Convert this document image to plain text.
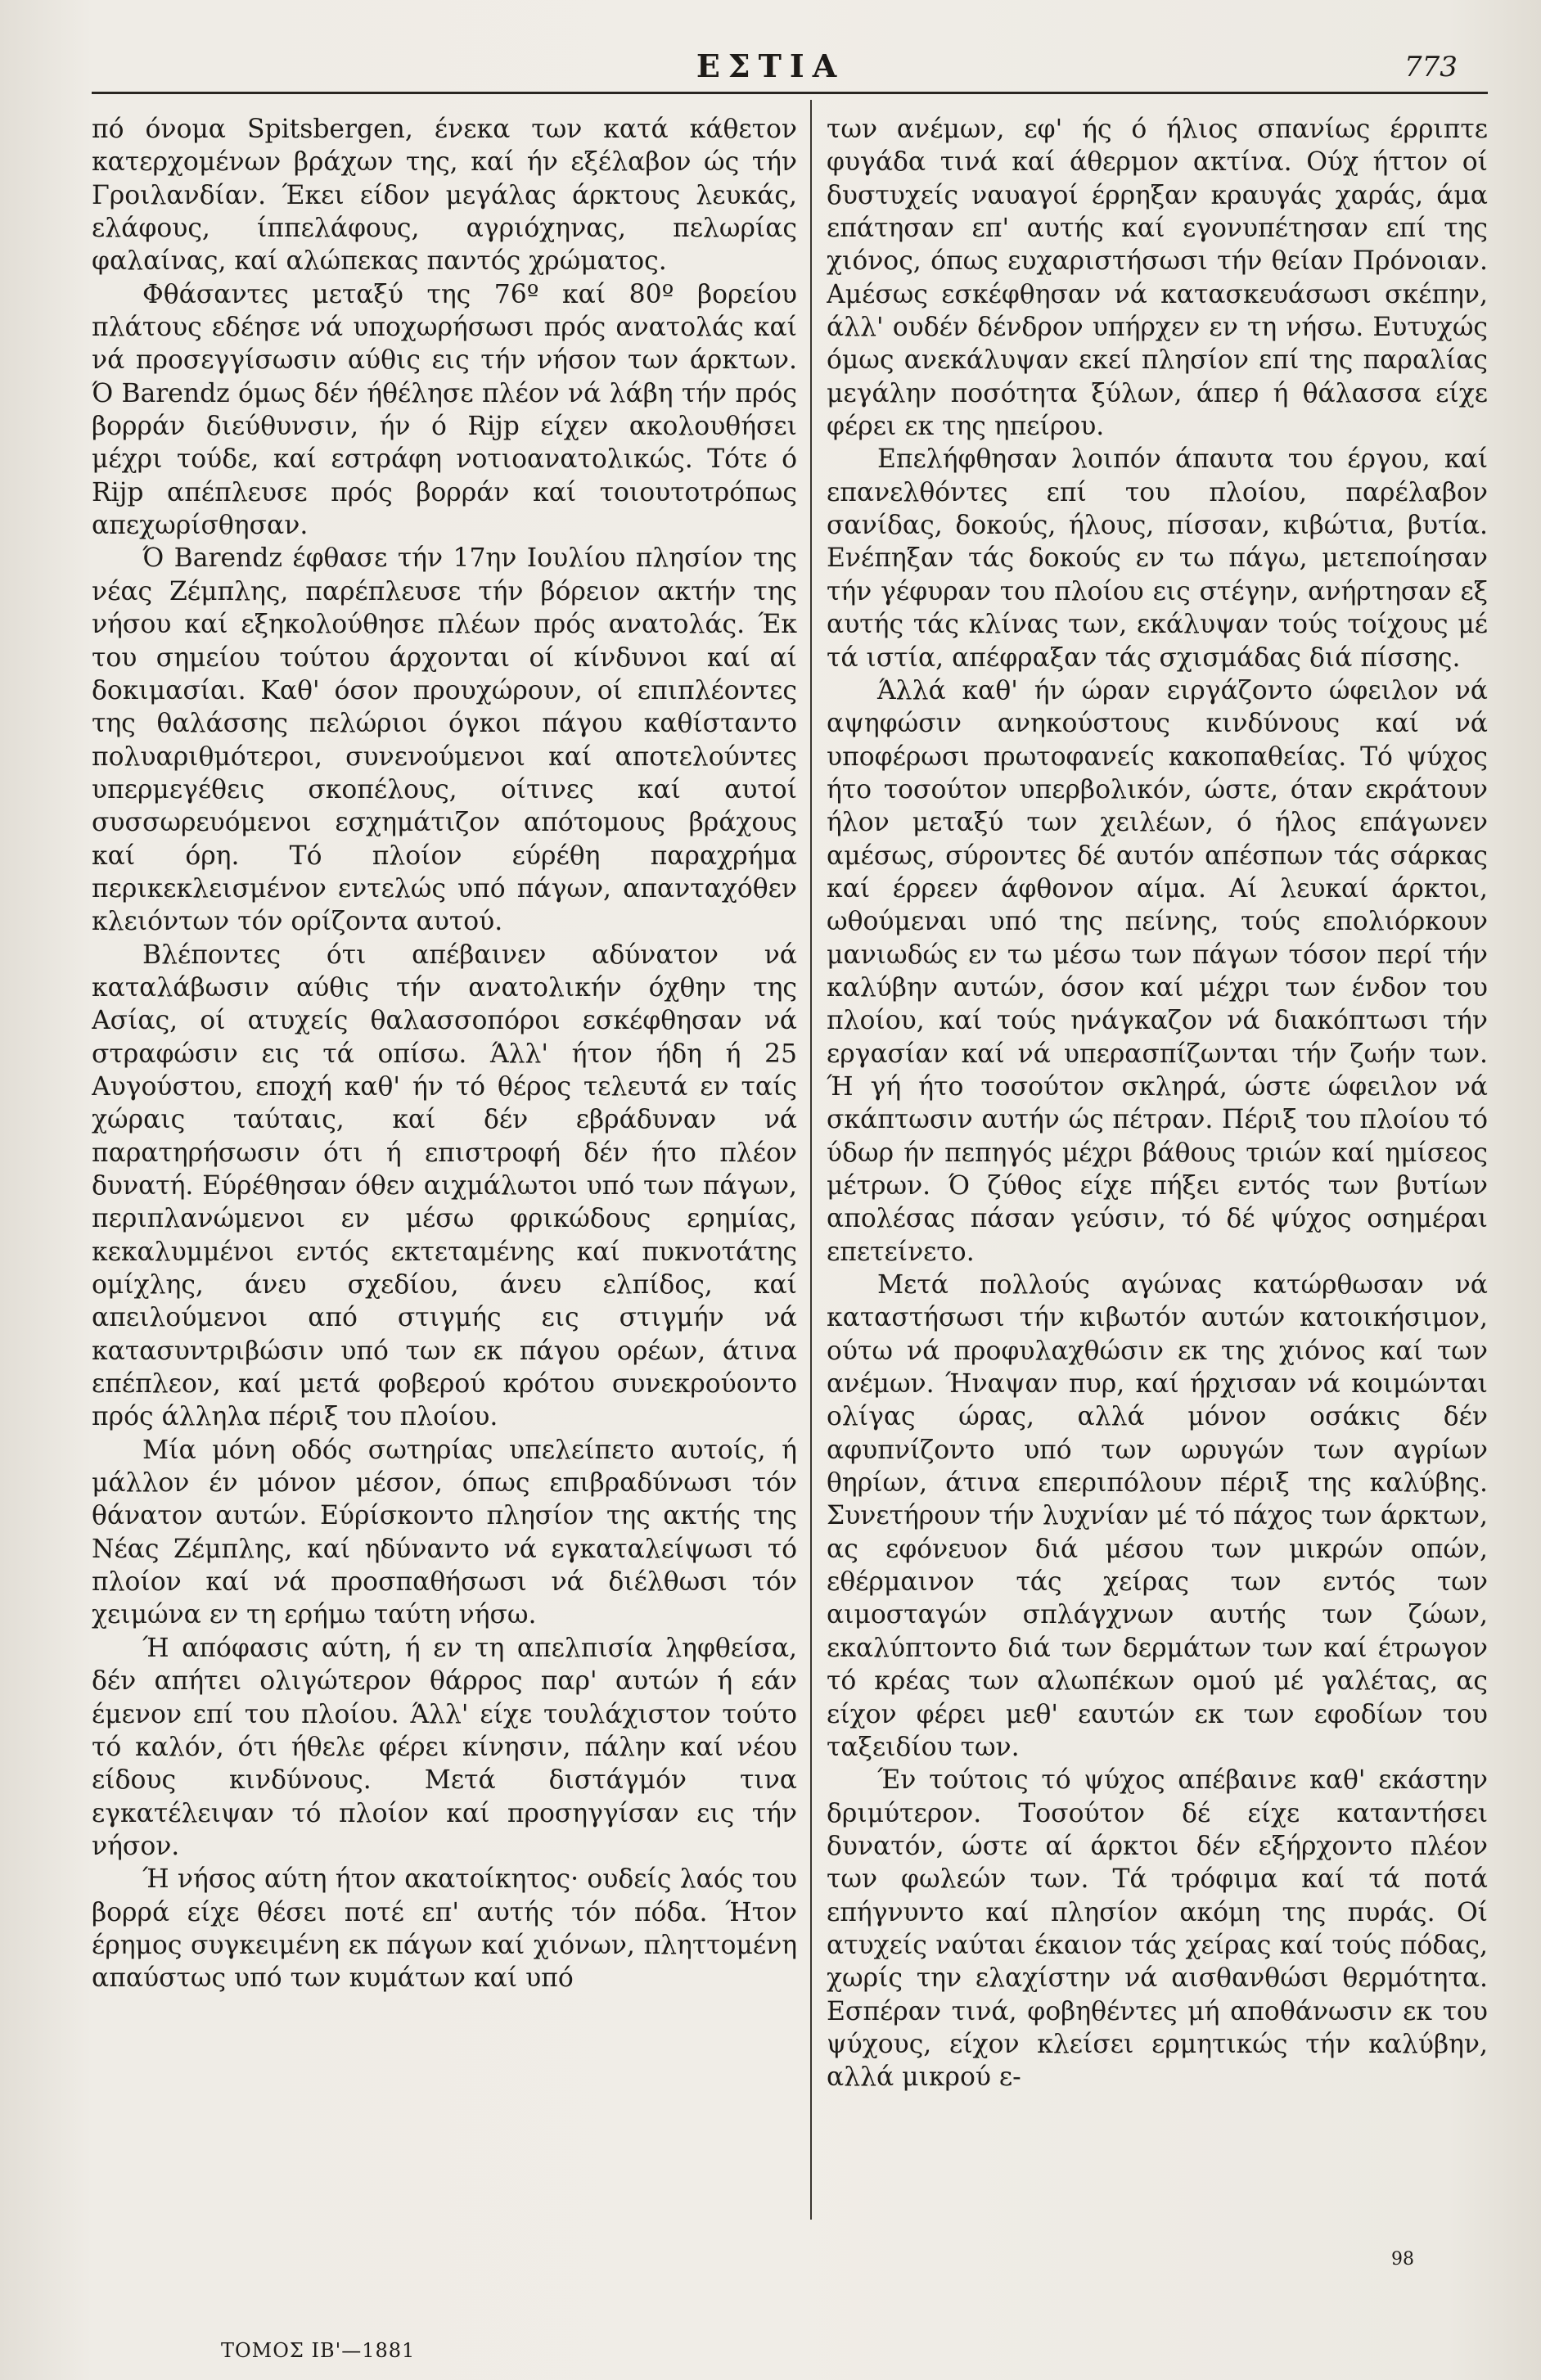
ΕΣΤΙΑ	773

πό όνομα Spitsbergen, ένεκα των κατά κάθετον κατερχομένων βράχων της, καί ήν εξέλαβον ώς τήν Γροιλανδίαν. Έκει είδον μεγάλας άρκτους λευκάς, ελάφους, ίππελάφους, αγριόχηνας, πελωρίας φαλαίνας, καί αλώπεκας παντός χρώματος.

Φθάσαντες μεταξύ της 76º καί 80º βορείου πλάτους εδέησε νά υποχωρήσωσι πρός ανατολάς καί νά προσεγγίσωσιν αύθις εις τήν νήσον των άρκτων. Ό Barendz όμως δέν ήθέλησε πλέον νά λάβη τήν πρός βορράν διεύθυνσιν, ήν ό Rijp είχεν ακολουθήσει μέχρι τούδε, καί εστράφη νοτιοανατολικώς. Τότε ό Rijp απέπλευσε πρός βορράν καί τοιουτοτρόπως απεχωρίσθησαν.

Ό Barendz έφθασε τήν 17ην Ιουλίου πλησίον της νέας Ζέμπλης, παρέπλευσε τήν βόρειον ακτήν της νήσου καί εξηκολούθησε πλέων πρός ανατολάς. Έκ του σημείου τούτου άρχονται οί κίνδυνοι καί αί δοκιμασίαι. Καθ' όσον προυχώρουν, οί επιπλέοντες της θαλάσσης πελώριοι όγκοι πάγου καθίσταντο πολυαριθμότεροι, συνενούμενοι καί αποτελούντες υπερμεγέθεις σκοπέλους, οίτινες καί αυτοί συσσωρευόμενοι εσχημάτιζον απότομους βράχους καί όρη. Τό πλοίον εύρέθη παραχρήμα περικεκλεισμένον εντελώς υπό πάγων, απανταχόθεν κλειόντων τόν ορίζοντα αυτού.

Βλέποντες ότι απέβαινεν αδύνατον νά καταλάβωσιν αύθις τήν ανατολικήν όχθην της Ασίας, οί ατυχείς θαλασσοπόροι εσκέφθησαν νά στραφώσιν εις τά οπίσω. Άλλ' ήτον ήδη ή 25 Αυγούστου, εποχή καθ' ήν τό θέρος τελευτά εν ταίς χώραις ταύταις, καί δέν εβράδυναν νά παρατηρήσωσιν ότι ή επιστροφή δέν ήτο πλέον δυνατή. Εύρέθησαν όθεν αιχμάλωτοι υπό των πάγων, περιπλανώμενοι εν μέσω φρικώδους ερημίας, κεκαλυμμένοι εντός εκτεταμένης καί πυκνοτάτης ομίχλης, άνευ σχεδίου, άνευ ελπίδος, καί απειλούμενοι από στιγμής εις στιγμήν νά κατασυντριβώσιν υπό των εκ πάγου ορέων, άτινα επέπλεον, καί μετά φοβερού κρότου συνεκρούοντο πρός άλληλα πέριξ του πλοίου.

Μία μόνη οδός σωτηρίας υπελείπετο αυτοίς, ή μάλλον έν μόνον μέσον, όπως επιβραδύνωσι τόν θάνατον αυτών. Εύρίσκοντο πλησίον της ακτής της Νέας Ζέμπλης, καί ηδύναντο νά εγκαταλείψωσι τό πλοίον καί νά προσπαθήσωσι νά διέλθωσι τόν χειμώνα εν τη ερήμω ταύτη νήσω.

Ή απόφασις αύτη, ή εν τη απελπισία ληφθείσα, δέν απήτει ολιγώτερον θάρρος παρ' αυτών ή εάν έμενον επί του πλοίου. Άλλ' είχε τουλάχιστον τούτο τό καλόν, ότι ήθελε φέρει κίνησιν, πάλην καί νέου είδους κινδύνους. Μετά διστάγμόν τινα εγκατέλειψαν τό πλοίον καί προσηγγίσαν εις τήν νήσον.

Ή νήσος αύτη ήτον ακατοίκητος· ουδείς λαός του βορρά είχε θέσει ποτέ επ' αυτής τόν πόδα. Ήτον έρημος συγκειμένη εκ πάγων καί χιόνων, πληττομένη απαύστως υπό των κυμάτων καί υπό

των ανέμων, εφ' ής ό ήλιος σπανίως έρριπτε φυγάδα τινά καί άθερμον ακτίνα. Ούχ ήττον οί δυστυχείς ναυαγοί έρρηξαν κραυγάς χαράς, άμα επάτησαν επ' αυτής καί εγονυπέτησαν επί της χιόνος, όπως ευχαριστήσωσι τήν θείαν Πρόνοιαν. Αμέσως εσκέφθησαν νά κατασκευάσωσι σκέπην, άλλ' ουδέν δένδρον υπήρχεν εν τη νήσω. Ευτυχώς όμως ανεκάλυψαν εκεί πλησίον επί της παραλίας μεγάλην ποσότητα ξύλων, άπερ ή θάλασσα είχε φέρει εκ της ηπείρου.

Επελήφθησαν λοιπόν άπαυτα του έργου, καί επανελθόντες επί του πλοίου, παρέλαβον σανίδας, δοκούς, ήλους, πίσσαν, κιβώτια, βυτία. Ενέπηξαν τάς δοκούς εν τω πάγω, μετεποίησαν τήν γέφυραν του πλοίου εις στέγην, ανήρτησαν εξ αυτής τάς κλίνας των, εκάλυψαν τούς τοίχους μέ τά ιστία, απέφραξαν τάς σχισμάδας διά πίσσης.

Άλλά καθ' ήν ώραν ειργάζοντο ώφειλον νά αψηφώσιν ανηκούστους κινδύνους καί νά υποφέρωσι πρωτοφανείς κακοπαθείας. Τό ψύχος ήτο τοσούτον υπερβολικόν, ώστε, όταν εκράτουν ήλον μεταξύ των χειλέων, ό ήλος επάγωνεν αμέσως, σύροντες δέ αυτόν απέσπων τάς σάρκας καί έρρεεν άφθονον αίμα. Αί λευκαί άρκτοι, ωθούμεναι υπό της πείνης, τούς επολιόρκουν μανιωδώς εν τω μέσω των πάγων τόσον περί τήν καλύβην αυτών, όσον καί μέχρι των ένδον του πλοίου, καί τούς ηνάγκαζον νά διακόπτωσι τήν εργασίαν καί νά υπερασπίζωνται τήν ζωήν των. Ή γή ήτο τοσούτον σκληρά, ώστε ώφειλον νά σκάπτωσιν αυτήν ώς πέτραν. Πέριξ του πλοίου τό ύδωρ ήν πεπηγός μέχρι βάθους τριών καί ημίσεος μέτρων. Ό ζύθος είχε πήξει εντός των βυτίων απολέσας πάσαν γεύσιν, τό δέ ψύχος οσημέραι επετείνετο.

Μετά πολλούς αγώνας κατώρθωσαν νά καταστήσωσι τήν κιβωτόν αυτών κατοικήσιμον, ούτω νά προφυλαχθώσιν εκ της χιόνος καί των ανέμων. Ήναψαν πυρ, καί ήρχισαν νά κοιμώνται ολίγας ώρας, αλλά μόνον οσάκις δέν αφυπνίζοντο υπό των ωρυγών των αγρίων θηρίων, άτινα επεριπόλουν πέριξ της καλύβης. Συνετήρουν τήν λυχνίαν μέ τό πάχος των άρκτων, ας εφόνευον διά μέσου των μικρών οπών, εθέρμαινον τάς χείρας των εντός των αιμοσταγών σπλάγχνων αυτής των ζώων, εκαλύπτοντο διά των δερμάτων των καί έτρωγον τό κρέας των αλωπέκων ομού μέ γαλέτας, ας είχον φέρει μεθ' εαυτών εκ των εφοδίων του ταξειδίου των.

Έν τούτοις τό ψύχος απέβαινε καθ' εκάστην δριμύτερον. Τοσούτον δέ είχε καταντήσει δυνατόν, ώστε αί άρκτοι δέν εξήρχοντο πλέον των φωλεών των. Τά τρόφιμα καί τά ποτά επήγνυντο καί πλησίον ακόμη της πυράς. Οί ατυχείς ναύται έκαιον τάς χείρας καί τούς πόδας, χωρίς την ελαχίστην νά αισθανθώσι θερμότητα. Εσπέραν τινά, φοβηθέντες μή αποθάνωσιν εκ του ψύχους, είχον κλείσει ερμητικώς τήν καλύβην, αλλά μικρού ε-

98
ΤΟΜΟΣ ΙΒ'—1881
